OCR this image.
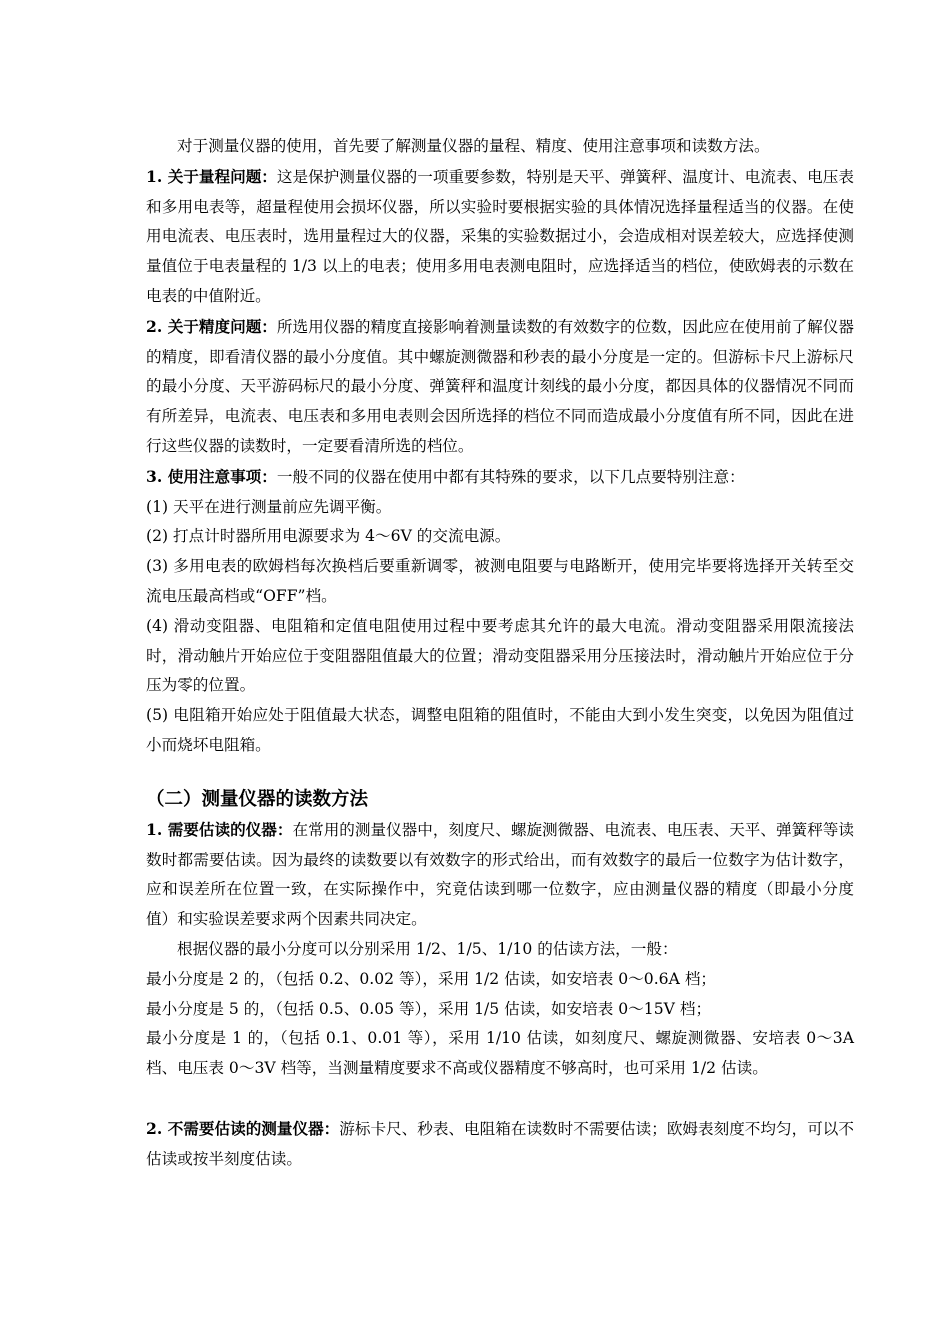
对于测量仪器的使用，首先要了解测量仪器的量程、精度、使用注意事项和读数方法。

1. 关于量程问题：这是保护测量仪器的一项重要参数，特别是天平、弹簧秤、温度计、电流表、电压表和多用电表等，超量程使用会损坏仪器，所以实验时要根据实验的具体情况选择量程适当的仪器。在使用电流表、电压表时，选用量程过大的仪器，采集的实验数据过小，会造成相对误差较大，应选择使测量值位于电表量程的 1/3 以上的电表；使用多用电表测电阻时，应选择适当的档位，使欧姆表的示数在电表的中值附近。

2. 关于精度问题：所选用仪器的精度直接影响着测量读数的有效数字的位数，因此应在使用前了解仪器的精度，即看清仪器的最小分度值。其中螺旋测微器和秒表的最小分度是一定的。但游标卡尺上游标尺的最小分度、天平游码标尺的最小分度、弹簧秤和温度计刻线的最小分度，都因具体的仪器情况不同而有所差异，电流表、电压表和多用电表则会因所选择的档位不同而造成最小分度值有所不同，因此在进行这些仪器的读数时，一定要看清所选的档位。

3. 使用注意事项：一般不同的仪器在使用中都有其特殊的要求，以下几点要特别注意：

(1) 天平在进行测量前应先调平衡。

(2) 打点计时器所用电源要求为 4～6V 的交流电源。

(3) 多用电表的欧姆档每次换档后要重新调零，被测电阻要与电路断开，使用完毕要将选择开关转至交流电压最高档或“OFF”档。

(4) 滑动变阻器、电阻箱和定值电阻使用过程中要考虑其允许的最大电流。滑动变阻器采用限流接法时，滑动触片开始应位于变阻器阻值最大的位置；滑动变阻器采用分压接法时，滑动触片开始应位于分压为零的位置。

(5) 电阻箱开始应处于阻值最大状态，调整电阻箱的阻值时，不能由大到小发生突变，以免因为阻值过小而烧坏电阻箱。

（二）测量仪器的读数方法

1. 需要估读的仪器：在常用的测量仪器中，刻度尺、螺旋测微器、电流表、电压表、天平、弹簧秤等读数时都需要估读。因为最终的读数要以有效数字的形式给出，而有效数字的最后一位数字为估计数字，应和误差所在位置一致，在实际操作中，究竟估读到哪一位数字，应由测量仪器的精度（即最小分度值）和实验误差要求两个因素共同决定。

根据仪器的最小分度可以分别采用 1/2、1/5、1/10 的估读方法，一般：

最小分度是 2 的，（包括 0.2、0.02 等），采用 1/2 估读，如安培表 0～0.6A 档；

最小分度是 5 的，（包括 0.5、0.05 等），采用 1/5 估读，如安培表 0～15V 档；

最小分度是 1 的，（包括 0.1、0.01 等），采用 1/10 估读，如刻度尺、螺旋测微器、安培表 0～3A 档、电压表 0～3V 档等，当测量精度要求不高或仪器精度不够高时，也可采用 1/2 估读。

2. 不需要估读的测量仪器：游标卡尺、秒表、电阻箱在读数时不需要估读；欧姆表刻度不均匀，可以不估读或按半刻度估读。
